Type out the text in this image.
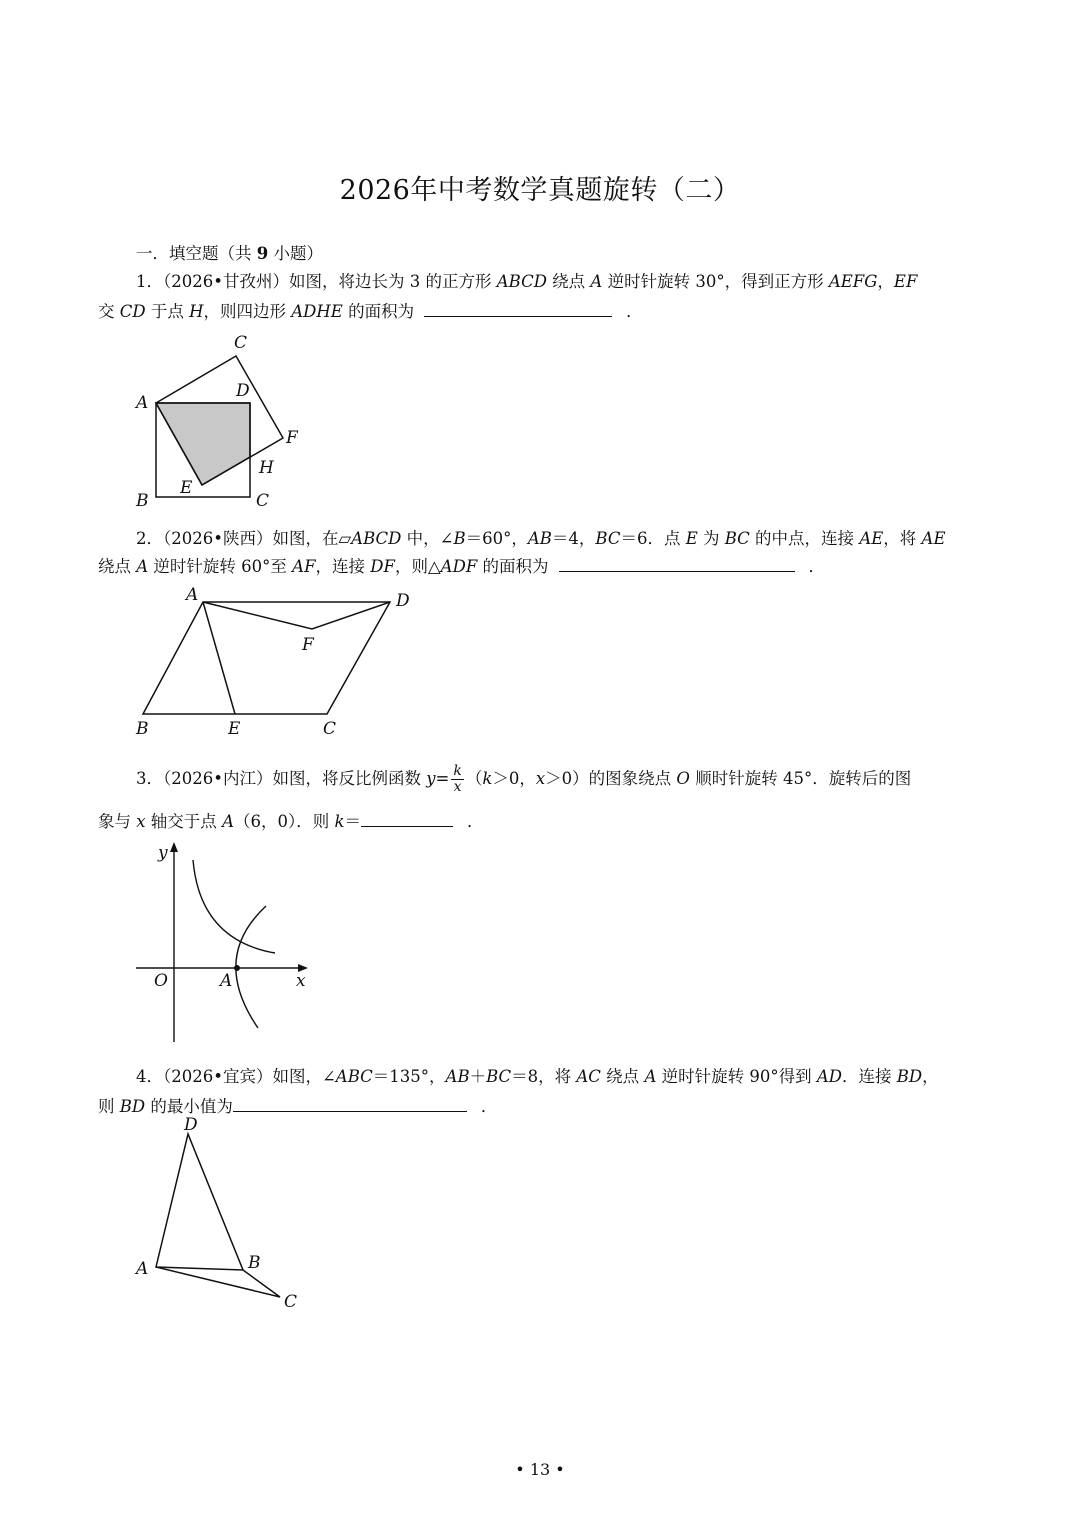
2026年中考数学真题旋转（二）
一．填空题（共 9 小题）
1．（2026•甘孜州）如图，将边长为 3 的正方形 ABCD 绕点 A 逆时针旋转 30°，得到正方形 AEFG，EF
交 CD 于点 H，则四边形 ADHE 的面积为	．
A
C
D
F
H
E
B	C
2．（2026•陕西）如图，在▱ABCD 中，∠B＝60°，AB＝4，BC＝6．点 E 为 BC 的中点，连接 AE，将 AE
绕点 A 逆时针旋转 60°至 AF，连接 DF，则△ADF 的面积为	．
A	D
F
B	E	C
3．（2026•内江）如图，将反比例函数 $y= \frac{k}{x} (k>0$，x＞0）的图象绕点 O 顺时针旋转 45°．旋转后的图
象与 x 轴交于点 A（6，0）．则 k＝	．
y
O	A	x
4．（2026•宜宾）如图，∠ABC＝135°，AB＋BC＝8，将 AC 绕点 A 逆时针旋转 90°得到 AD．连接 BD，
则 BD 的最小值为	．
D
A	B
C
• 13 •
